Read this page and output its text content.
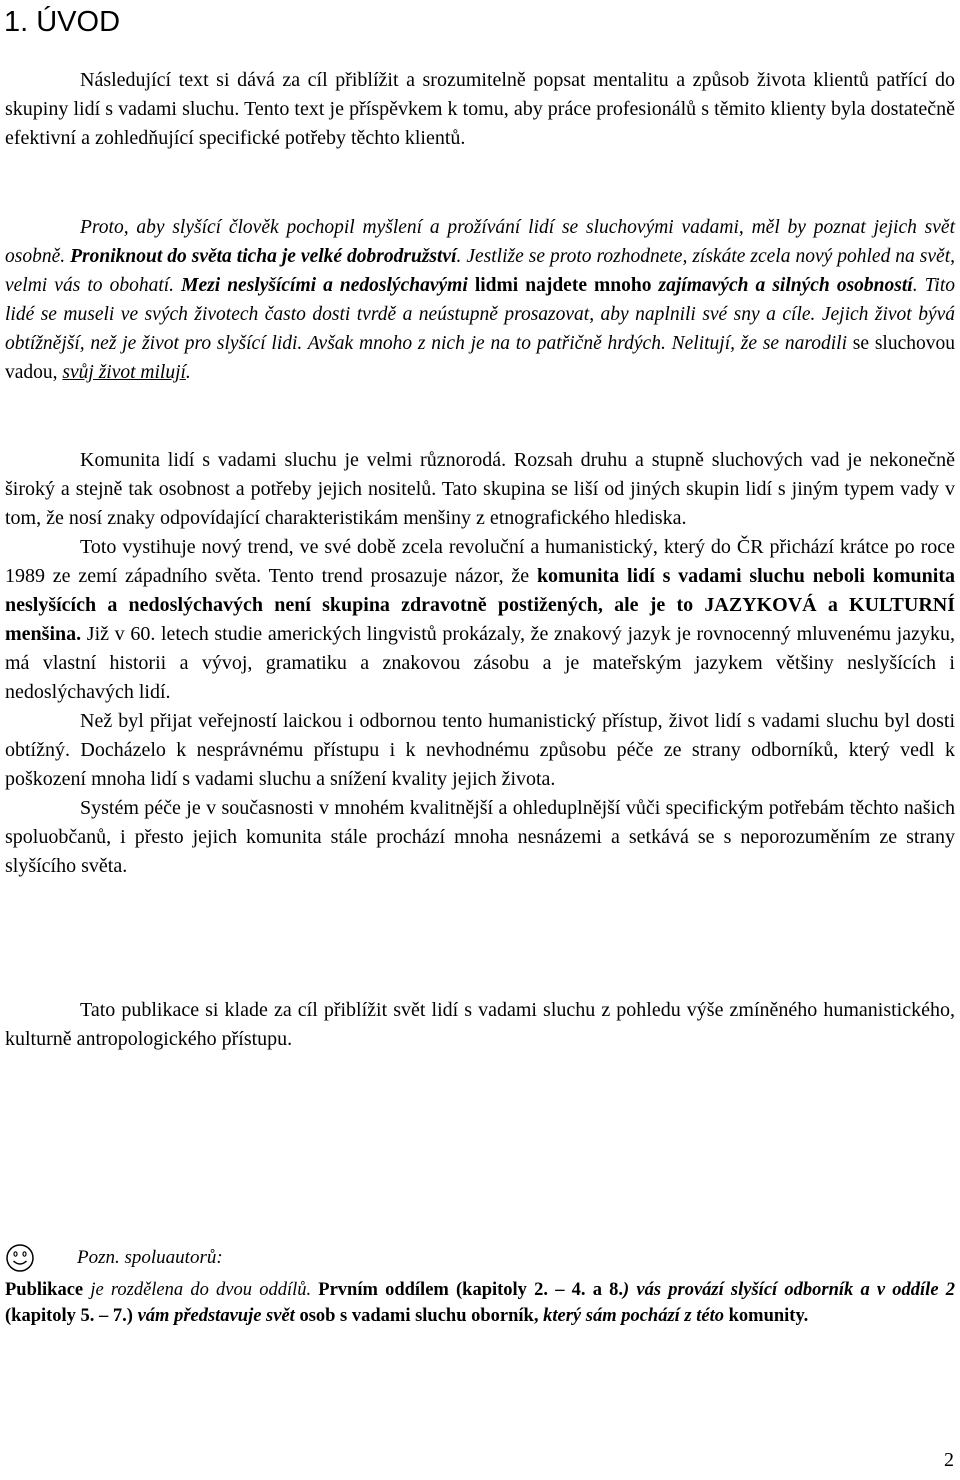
1. ÚVOD

Následující text si dává za cíl přiblížit a srozumitelně popsat mentalitu a způsob života klientů patřící do skupiny lidí s vadami sluchu. Tento text je příspěvkem k tomu, aby práce profesionálů s těmito klienty byla dostatečně efektivní a zohledňující specifické potřeby těchto klientů.

Proto, aby slyšící člověk pochopil myšlení a prožívání lidí se sluchovými vadami, měl by poznat jejich svět osobně. Proniknout do světa ticha je velké dobrodružství. Jestliže se proto rozhodnete, získáte zcela nový pohled na svět, velmi vás to obohatí. Mezi neslyšícími a nedoslýchavými lidmi najdete mnoho zajímavých a silných osobností. Tito lidé se museli ve svých životech často dosti tvrdě a neústupně prosazovat, aby naplnili své sny a cíle. Jejich život bývá obtížnější, než je život pro slyšící lidi. Avšak mnoho z nich je na to patřičně hrdých. Nelitují, že se narodili se sluchovou vadou, svůj život milují.

Komunita lidí s vadami sluchu je velmi různorodá. Rozsah druhu a stupně sluchových vad je nekonečně široký a stejně tak osobnost a potřeby jejich nositelů. Tato skupina se liší od jiných skupin lidí s jiným typem vady v tom, že nosí znaky odpovídající charakteristikám menšiny z etnografického hlediska.

Toto vystihuje nový trend, ve své době zcela revoluční a humanistický, který do ČR přichází krátce po roce 1989 ze zemí západního světa. Tento trend prosazuje názor, že komunita lidí s vadami sluchu neboli komunita neslyšících a nedoslýchavých není skupina zdravotně postižených, ale je to JAZYKOVÁ a KULTURNÍ menšina. Již v 60. letech studie amerických lingvistů prokázaly, že znakový jazyk je rovnocenný mluvenému jazyku, má vlastní historii a vývoj, gramatiku a znakovou zásobu a je mateřským jazykem většiny neslyšících i nedoslýchavých lidí.

Než byl přijat veřejností laickou i odbornou tento humanistický přístup, život lidí s vadami sluchu byl dosti obtížný. Docházelo k nesprávnému přístupu i k nevhodnému způsobu péče ze strany odborníků, který vedl k poškození mnoha lidí s vadami sluchu a snížení kvality jejich života.

Systém péče je v současnosti v mnohém kvalitnější a ohleduplnější vůči specifickým potřebám těchto našich spoluobčanů, i přesto jejich komunita stále prochází mnoha nesnázemi a setkává se s neporozuměním ze strany slyšícího světa.

Tato publikace si klade za cíl přiblížit svět lidí s vadami sluchu z pohledu výše zmíněného humanistického, kulturně antropologického přístupu.

Pozn. spoluautorů:

Publikace je rozdělena do dvou oddílů. Prvním oddílem (kapitoly 2. – 4. a 8.) vás provází slyšící odborník a v oddíle 2 (kapitoly 5. – 7.) vám představuje svět osob s vadami sluchu oborník, který sám pochází z této komunity.

2
